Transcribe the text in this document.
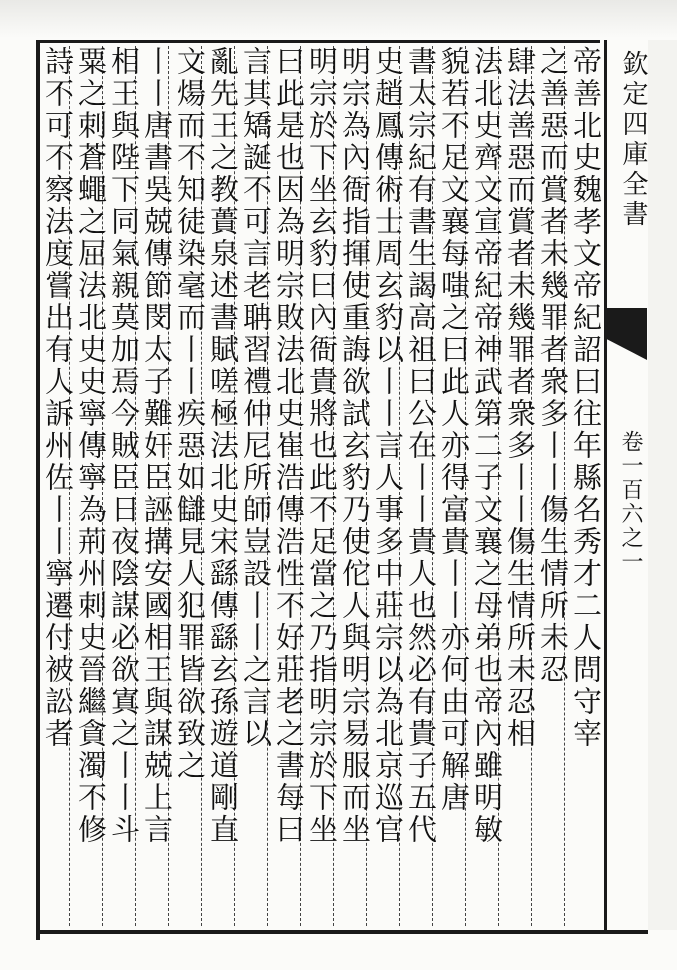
欽定四庫全書
卷一百六之一
帝善北史魏孝文帝紀詔曰往年縣名秀才二人問守宰
之善惡而賞者未幾罪者衆多丨丨傷生情所未忍
肆法善惡而賞者未幾罪者衆多丨丨傷生情所未忍相
法北史齊文宣帝紀帝神武第二子文襄之母弟也帝內雖明敏
貌若不足文襄每嗤之曰此人亦得富貴丨丨亦何由可解唐
書太宗紀有書生謁高祖曰公在丨丨貴人也然必有貴子五代
史趙鳳傳術士周玄豹以丨丨言人事多中莊宗以為北京巡官
明宗為內衙指揮使重誨欲試玄豹乃使佗人與明宗易服而坐
明宗於下坐玄豹曰內衙貴將也此不足當之乃指明宗於下坐
曰此是也因為明宗敗法北史崔浩傳浩性不好莊老之書每曰
言其矯誕不可言老聃習禮仲尼所師豈設丨丨之言以
亂先王之教蕢泉述書賦嗟極法北史宋繇傳繇玄孫遊道剛直
文煬而不知徒染毫而丨丨疾惡如讎見人犯罪皆欲致之
丨丨唐書吳兢傳節閔太子難奸臣誣搆安國相王與謀兢上言
相王與陛下同氣親莫加焉今賊臣日夜陰謀必欲寘之丨丨斗
粟之刺蒼蠅之屈法北史史寧傳寧為荊州刺史晉繼貪濁不修
詩不可不察法度嘗出有人訴州佐丨丨寧遷付被訟者
